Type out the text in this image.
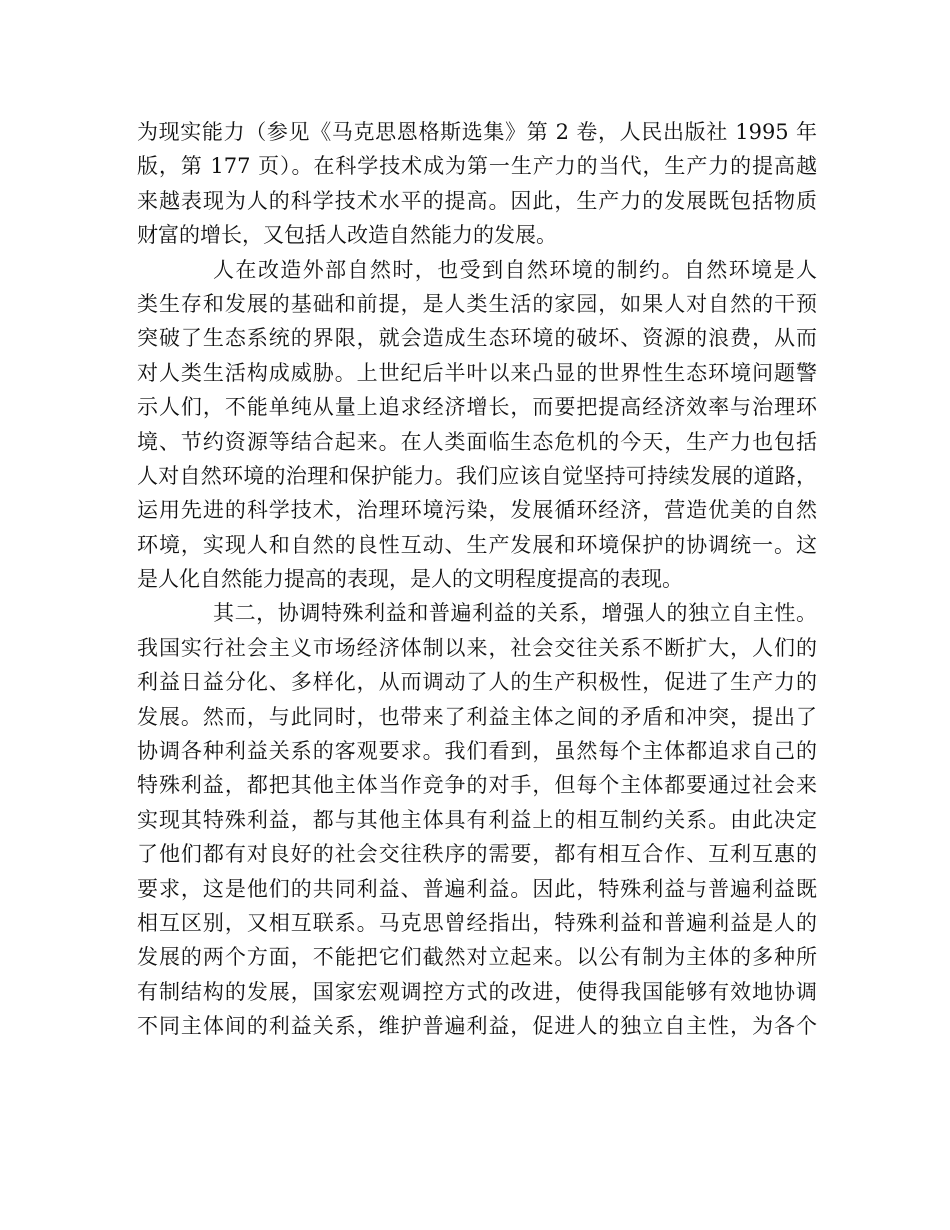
为现实能力（参见《马克思恩格斯选集》第 2 卷，人民出版社 1995 年
版，第 177 页）。在科学技术成为第一生产力的当代，生产力的提高越
来越表现为人的科学技术水平的提高。因此，生产力的发展既包括物质
财富的增长，又包括人改造自然能力的发展。
人在改造外部自然时，也受到自然环境的制约。自然环境是人
类生存和发展的基础和前提，是人类生活的家园，如果人对自然的干预
突破了生态系统的界限，就会造成生态环境的破坏、资源的浪费，从而
对人类生活构成威胁。上世纪后半叶以来凸显的世界性生态环境问题警
示人们，不能单纯从量上追求经济增长，而要把提高经济效率与治理环
境、节约资源等结合起来。在人类面临生态危机的今天，生产力也包括
人对自然环境的治理和保护能力。我们应该自觉坚持可持续发展的道路，
运用先进的科学技术，治理环境污染，发展循环经济，营造优美的自然
环境，实现人和自然的良性互动、生产发展和环境保护的协调统一。这
是人化自然能力提高的表现，是人的文明程度提高的表现。
其二，协调特殊利益和普遍利益的关系，增强人的独立自主性。
我国实行社会主义市场经济体制以来，社会交往关系不断扩大，人们的
利益日益分化、多样化，从而调动了人的生产积极性，促进了生产力的
发展。然而，与此同时，也带来了利益主体之间的矛盾和冲突，提出了
协调各种利益关系的客观要求。我们看到，虽然每个主体都追求自己的
特殊利益，都把其他主体当作竞争的对手，但每个主体都要通过社会来
实现其特殊利益，都与其他主体具有利益上的相互制约关系。由此决定
了他们都有对良好的社会交往秩序的需要，都有相互合作、互利互惠的
要求，这是他们的共同利益、普遍利益。因此，特殊利益与普遍利益既
相互区别，又相互联系。马克思曾经指出，特殊利益和普遍利益是人的
发展的两个方面，不能把它们截然对立起来。以公有制为主体的多种所
有制结构的发展，国家宏观调控方式的改进，使得我国能够有效地协调
不同主体间的利益关系，维护普遍利益，促进人的独立自主性，为各个
